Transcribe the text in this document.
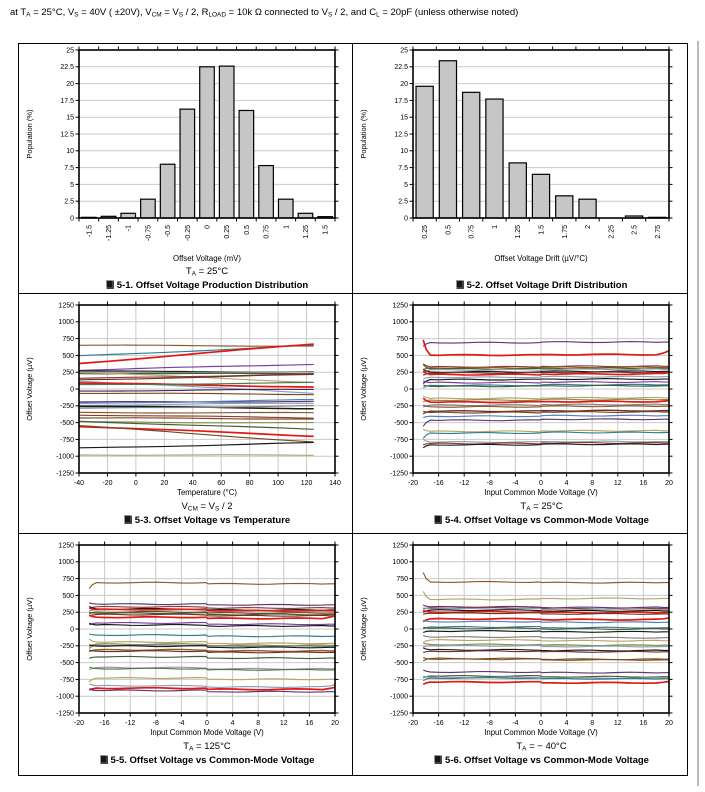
at $T_A = 25^\circ C$, $V_S = 40V$ ( ±20V), $V_{CM} = V_S / 2$, $R_{LOAD} = 10k$ Ω connected to $V_S / 2$, and $C_L = 20pF$ (unless otherwise noted)
0
2.5
5
7.5
10
12.5
15
17.5
20
22.5
25
-1.5 -1.25 -1 -0.75 -0.5 -0.25 0 0.25 0.5 0.75 1 1.25 1.5
Offset Voltage (mV)
Population (%)
$T_A = 25^\circ C$
5-1. Offset Voltage Production Distribution
0
2.5
5
7.5
10
12.5
15
17.5
20
22.5
25
0.25 0.5 0.75 1 1.25 1.5 1.75 2 2.25 2.5 2.75
Offset Voltage Drift (µV/°C)
Population (%)
5-2. Offset Voltage Drift Distribution
-1250
-1000
-750
-500
-250
0
250
500
750
1000
1250
-40	-20	0	20	40	60	80	100 120 140
Temperature (°C)
Offset Voltage (µV)
$V_{CM} = V_S / 2$
5-3. Offset Voltage vs Temperature
-1250
-1000
-750
-500
-250
0
250
500
750
1000
1250
-20 -16 -12 -8	-4	0	4	8	12	16	20
Input Common Mode Voltage (V)
Offset Voltage (µV)
$T_A = 25^\circ C$
5-4. Offset Voltage vs Common-Mode Voltage
-1250
-1000
-750
-500
-250
0
250
500
750
1000
1250
-20 -16 -12 -8	-4	0	4	8	12	16	20
Input Common Mode Voltage (V)
Offset Voltage (µV)
$T_A = 125^\circ C$
5-5. Offset Voltage vs Common-Mode Voltage
-1250
-1000
-750
-500
-250
0
250
500
750
1000
1250
-20 -16 -12 -8	-4	0	4	8	12	16	20
Input Common Mode Voltage (V)
Offset Voltage (µV)
$T_A$ = − 40°C
5-6. Offset Voltage vs Common-Mode Voltage
